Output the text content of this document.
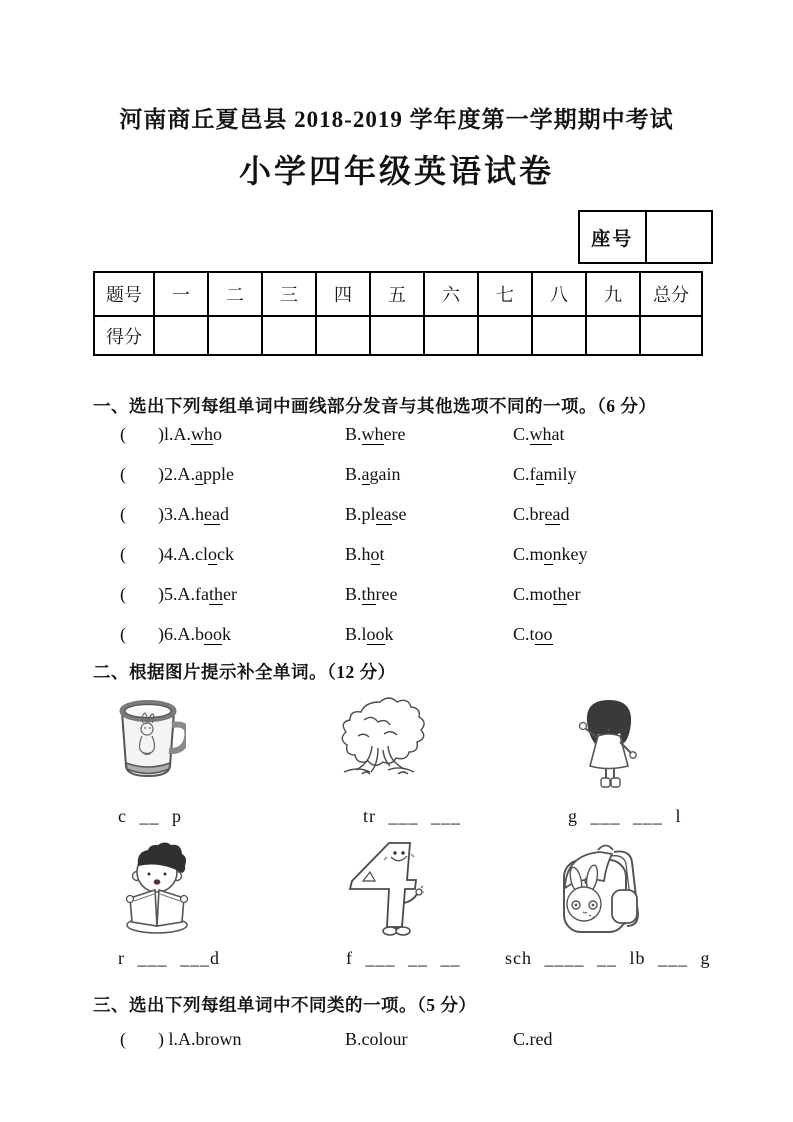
河南商丘夏邑县 2018-2019 学年度第一学期期中考试
小学四年级英语试卷
座号
题号	一	二	三	四	五	六	七	八	九	总分
得分										
一、选出下列每组单词中画线部分发音与其他选项不同的一项。（6 分）
(	)l.A.who	B.where	C.what
(	)2.A.apple	B.again	C.family
(	)3.A.head	B.please	C.bread
(	)4.A.clock	B.hot	C.monkey
(	)5.A.father	B.three	C.mother
(	)6.A.book	B.look	C.too
二、根据图片提示补全单词。（12 分）
c __ p	tr ___ ___	g ___ ___ l
r ___ ___d	f ___ __ __ sch ____ __ lb ___ g
三、选出下列每组单词中不同类的一项。（5 分）
(	) l.A.brown	B.colour	C.red
